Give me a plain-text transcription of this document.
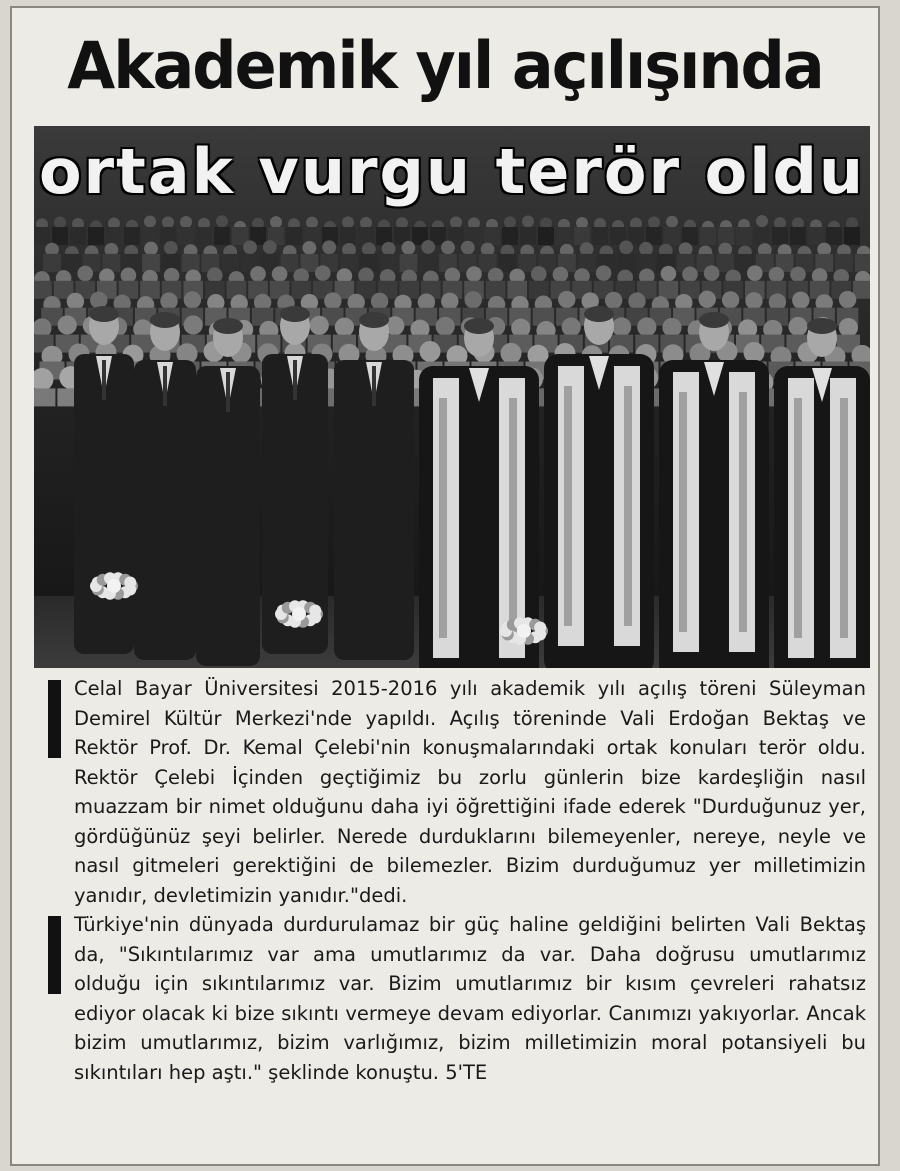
Akademik yıl açılışında
ortak vurgu terör oldu

Celal Bayar Üniversitesi 2015-2016 yılı akademik yılı açılış töreni Süleyman Demirel Kültür Merkezi'nde yapıldı. Açılış töreninde Vali Erdoğan Bektaş ve Rektör Prof. Dr. Kemal Çelebi'nin konuşmalarındaki ortak konuları terör oldu. Rektör Çelebi İçinden geçtiğimiz bu zorlu günlerin bize kardeşliğin nasıl muazzam bir nimet olduğunu daha iyi öğrettiğini ifade ederek "Durduğunuz yer, gördüğünüz şeyi belirler. Nerede durduklarını bilemeyenler, nereye, neyle ve nasıl gitmeleri gerektiğini de bilemezler. Bizim durduğumuz yer milletimizin yanıdır, devletimizin yanıdır."dedi.

Türkiye'nin dünyada durdurulamaz bir güç haline geldiğini belirten Vali Bektaş da, "Sıkıntılarımız var ama umutlarımız da var. Daha doğrusu umutlarımız olduğu için sıkıntılarımız var. Bizim umutlarımız bir kısım çevreleri rahatsız ediyor olacak ki bize sıkıntı vermeye devam ediyorlar. Canımızı yakıyorlar. Ancak bizim umutlarımız, bizim varlığımız, bizim milletimizin moral potansiyeli bu sıkıntıları hep aştı." şeklinde konuştu. 5'TE
